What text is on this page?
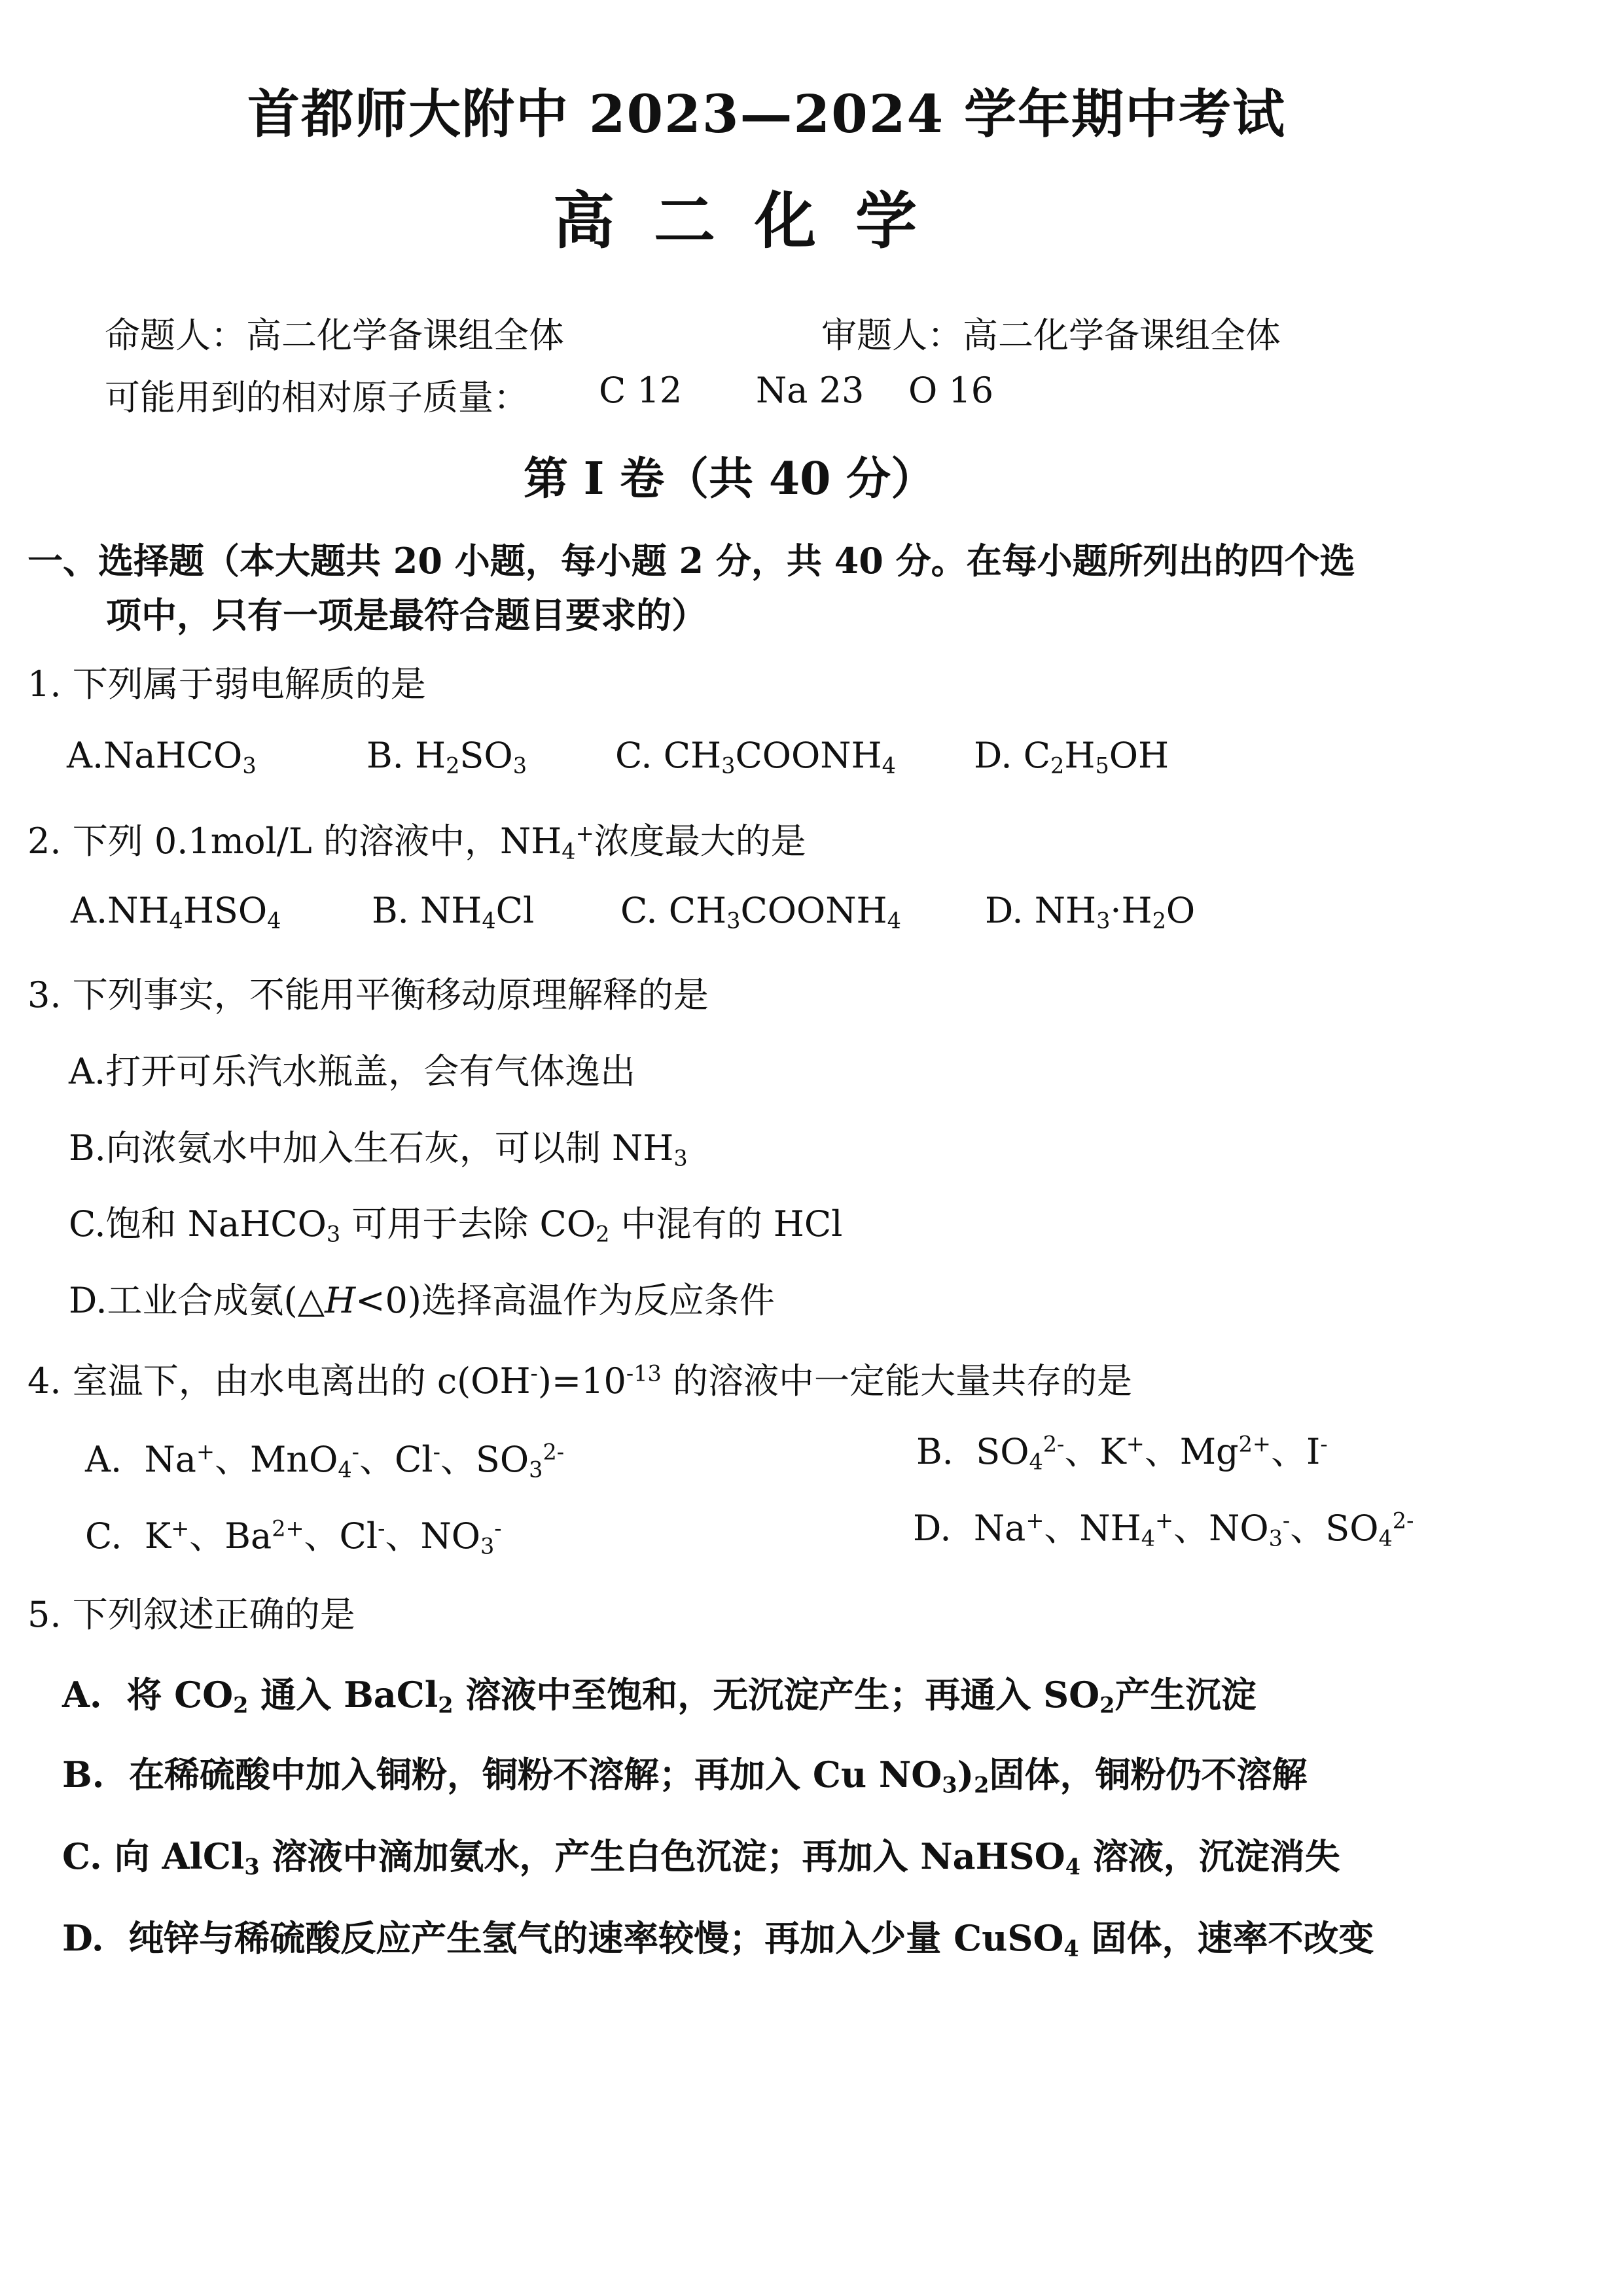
首都师大附中 2023—2024 学年期中考试
高二化学
命题人：高二化学备课组全体	审题人：高二化学备课组全体
可能用到的相对原子质量： C 12 Na 23 O 16
第 I 卷（共 40 分）
一、选择题（本大题共 20 小题，每小题 2 分，共 40 分。在每小题所列出的四个选
项中，只有一项是最符合题目要求的）
1. 下列属于弱电解质的是
A.NaHCO$_3$	B. $H_2SO_3$	C. $CH_3COONH_4$ D. $C_2H_5OH$
2. 下列 0.1mol/L 的溶液中，$NH_4^+$浓度最大的是
$A.NH_4HSO_4$	B. $NH_4Cl$ C. $CH_3COONH_4$ D. $NH_3\cdot H_2O$
3. 下列事实，不能用平衡移动原理解释的是
A.打开可乐汽水瓶盖，会有气体逸出
B.向浓氨水中加入生石灰，可以制 $NH_3$
C.饱和 NaHCO$_3$ 可用于去除 $CO_2$ 中混有的 HCl
D.工业合成氨(△H<0)选择高温作为反应条件
4. 室温下，由水电离出的 $c(OH^-)=10^{-13}$ 的溶液中一定能大量共存的是
A. Na+、MnO$_4$-、Cl-、$SO_3^{2-}$	B. $SO_4^{2-}$、K+、$Mg^{2+}$、I-
C. K+、$Ba^{2+}$、Cl-、$NO_3^-$	D. Na+、$NH_4^+$、$NO_3^-$、$SO_4^{2-}$
5. 下列叙述正确的是
A. 将 $CO_2$ 通入 BaCl$_2$ 溶液中至饱和，无沉淀产生；再通入 $SO_2$产生沉淀
B. 在稀硫酸中加入铜粉，铜粉不溶解；再加入 Cu $NO_3)_2$固体，铜粉仍不溶解
C. 向 AlCl$_3$ 溶液中滴加氨水，产生白色沉淀；再加入 NaHSO$_4$ 溶液，沉淀消失
D. 纯锌与稀硫酸反应产生氢气的速率较慢；再加入少量 CuSO$_4$ 固体，速率不改变
